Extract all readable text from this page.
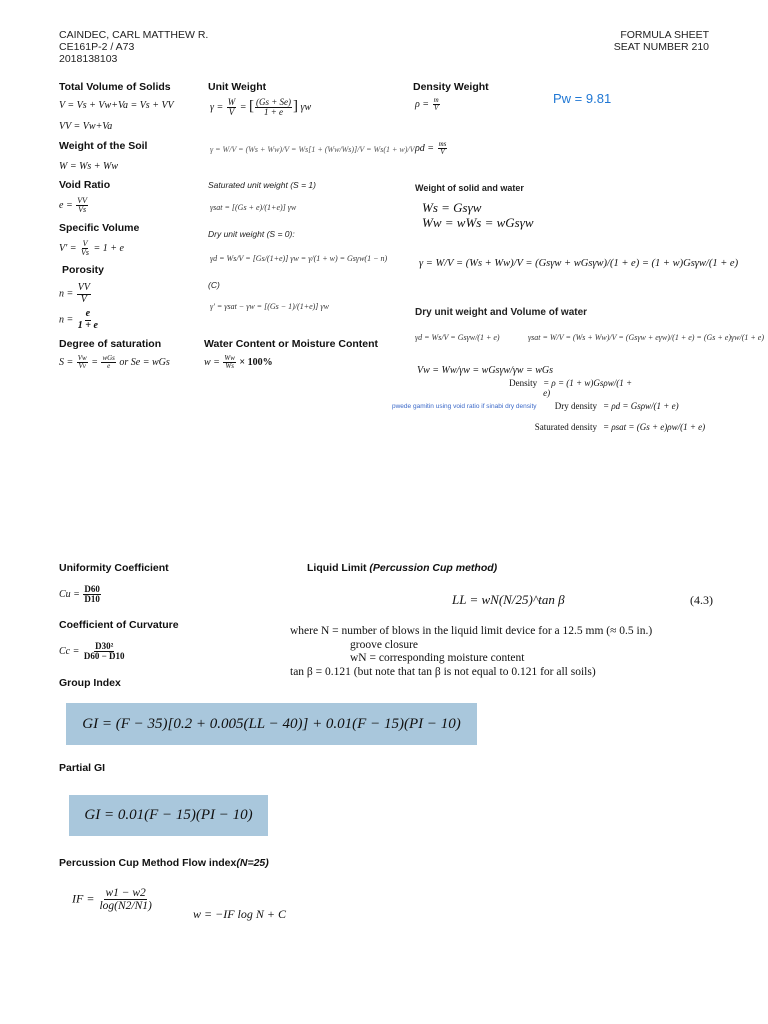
CAINDEC, CARL MATTHEW R.
CE161P-2 / A73
2018138103
FORMULA SHEET
SEAT NUMBER 210
Total Volume of Solids
V = Vs + Vw+Va = Vs + VV
VV = Vw+Va
Weight of the Soil
W = Ws + Ww
Void Ratio
$e = \frac{VV}{Vs}$
Specific Volume
$V' = \frac{V}{Vs} = 1 + e$
Porosity
$n = \frac{VV}{V}$
$n = \frac{e}{1 + e}$
Degree of saturation
$S = \frac{Vw}{Vv} = \frac{\text{wGs}}{e}$ or Se = wGs
Unit Weight
$\gamma = \frac{W}{V}$ = [ $\frac{(Gs + Se)}{1 + e}$ ] γw
γ = W/V = (Ws + Ww)/V = Ws[1 + (Ww/Ws)]/V = Ws(1 + w)/V
Saturated unit weight (S = 1)
γsat = [(Gs + e)/(1+e)] γw
Dry unit weight (S = 0):
γd = Ws/V = [Gs/(1+e)] γw = γ/(1 + w) = Gsγw(1 − n)
(C)
γ′ = γsat − γw = [(Gs − 1)/(1+e)] γw
Water Content or Moisture Content
$w = \frac{Ww}{Ws} \times 100\%$
Density Weight
$\rho = \frac{m}{V}$	Pw = 9.81
$\rho d = \frac{ms}{V}$
Weight of solid and water
Ws = Gsγw
Ww = wWs = wGsγw
γ = W/V = (Ws + Ww)/V = (Gsγw + wGsγw)/(1 + e) = (1 + w)Gsγw/(1 + e)
Dry unit weight and Volume of water
γd = Ws/V = Gsγw/(1 + e)	γsat = W/V = (Ws + Ww)/V = (Gsγw + eγw)/(1 + e) = (Gs + e)γw/(1 + e)
Vw = Ww/γw = wGsγw/γw = wGs
Density = ρ = (1 + w)Gsρw/(1 + e)
Dry density = ρd = Gsρw/(1 + e)
Saturated density = ρsat = (Gs + e)ρw/(1 + e)
pwede gamitin using void ratio if sinabi dry density
Uniformity Coefficient
$Cu = \frac{D60}{D10}$
Coefficient of Curvature
$Cc = \frac{\text{D30²}}{D60 - D10}$
Group Index
GI = (F − 35)[0.2 + 0.005(LL − 40)] + 0.01(F − 15)(PI − 10)
Partial GI
GI = 0.01(F − 15)(PI − 10)
Percussion Cup Method Flow index(N=25)
IF = $\frac{w1 - w2}{\log(N2/N1)}$
w = −IF log N + C
Liquid Limit (Percussion Cup method)
LL = wN(N/25)^tan β	(4.3)
where N = number of blows in the liquid limit device for a 12.5 mm (≈ 0.5 in.)
groove closure
wN = corresponding moisture content
tan β = 0.121 (but note that tan β is not equal to 0.121 for all soils)
